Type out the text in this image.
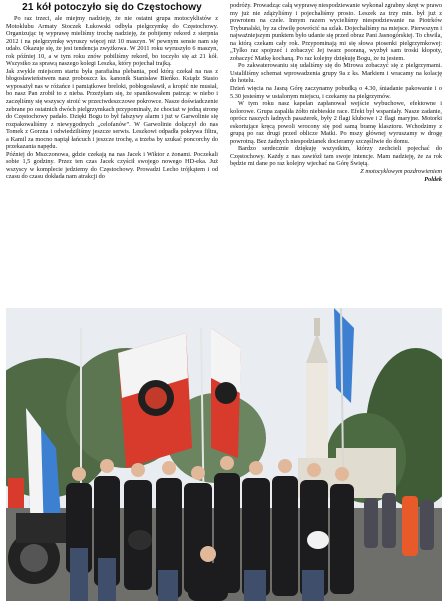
21 kół potoczyło się do Częstochowy

Po raz trzeci, ale miejmy nadzieję, że nie ostatni grupa motocyklistów z Motoklubu Armaty Stoczek Łukowski odbyła pielgrzymkę do Częstochowy. Organizując tę wyprawę mieliśmy trochę nadzieję, że pobijemy rekord z sierpnia 2012 i na pielgrzymkę wyruszy więcej niż 10 maszyn. W pewnym sensie nam się udało. Okazuje się, że jest tendencja zwyżkowa. W 2011 roku wyruszyło 6 maszyn, rok później 10, a w tym roku znów pobiliśmy rekord, bo toczyło się aż 21 kół. Wszystko za sprawą naszego kolegi Leszka, który pojechał trajką.

Jak zwykle miejscem startu była parafialna plebania, pod którą czekał na nas z błogosławieństwem nasz proboszcz ks. kanonik Stanisław Bieńko. Ksiądz Stasio wyposażył nas w różańce i pamiątkowe breloki, pobłogosławił, a kropić nie musiał, bo nasz Pan zrobił to z nieba. Przeżyłam się, że spanikowałem patrząc w niebo i zaczęliśmy się wszyscy stroić w przeciwdeszczowe pokrowce. Nasze doświadczenie zebrane po ostatnich dwóch pielgrzymkach przypominały, że chociaż w jedną stronę do Częstochowy padało. Dzięki Bogu to był fałszywy alarm i już w Garwolinie się rozpakowaliśmy z niewygodnych „celofanów”. W Garwolinie dołączył do nas Tomek z Gorzna i odwiedziliśmy jeszcze serwis. Leszkowi odpadła pokrywa filtra, a Kamil za mocno napiął łańcuch i jeszcze trochę, a trzeba by szukać poncorchy do przekazania napędu.

Później do Mszczonowa, gdzie czekają na nas Jacek i Wiktor z żonami. Poczekali sobie 1,5 godziny. Przez ten czas Jacek czyścił swojego nowego HD-eka. Już wszyscy w komplecie jedziemy do Częstochowy. Prowadzi Lecho trójkątem i od czasu do czasu dokłada nam atrakcji do

podróży. Prowadząc całą wyprawę niespodziewanie wykonał zgrabny skręt w prawo my już nie zdążyliśmy i pojechaliśmy prosto. Leszek za trzy min. był już z powrotem na czele. Innym razem wycieliśmy niespodziewanie na Piotrków Trybunalski, by za chwilę powrócić na szlak. Dojechaliśmy na miejsce. Pierwszym i najważniejszym punktem było udanie się przed obraz Pani Jasnogórskiej. To chwila, na którą czekam cały rok. Przypominają mi się słowa piosenki pielgrzymkowej: „Tylko raz spojrzeć i zobaczyć Jej twarz pooraną, wyzbył sam troski kłopoty, zobaczyć Matkę kochaną. Po raz kolejny dziękuję Bogu, że tu jestem.

Po zakwaterowaniu się udaliśmy się do Mirowa zobaczyć się z pielgrzymami. Ustaliliśmy schemat wprowadzenia grupy 9a z ks. Markiem i wracamy na kolację do hotelu.

Dzień więcia na Jasną Górę zaczynamy pobudką o 4.30, śniadanie pakowanie i o 5.30 jesteśmy w ustalonym miejscu, i czekamy na pielgrzymów.

W tym roku nasz kapelan zapłanował wejście wybuchowe, efektowne i kolorowe. Grupa zapaliła żółto niebieskie race. Efekt był wspaniały. Nasze zadanie, oprócz naszych ładnych pasażerek, były 2 flagi klubowe i 2 flagi maryjne. Motorki eskortujące kręcą powoli wrocony się pod samą bramę klasztoru. Wchodzimy z grupą po raz drugi przed oblicze Matki. Po mszy głównej wyruszamy w drogę powrotną. Bez żadnych niespodzianek docieramy szczęśliwie do domu.

Bardzo serdecznie dziękuję wszystkim, którzy zechcieli pojechać do Częstochowy. Każdy z nas zawiózł tam swoje intencje. Mam nadzieję, że za rok będzie mi dane po raz kolejny wjechać na Górę Świętą.

Z motocyklowym pozdrowieniem

Poldek
